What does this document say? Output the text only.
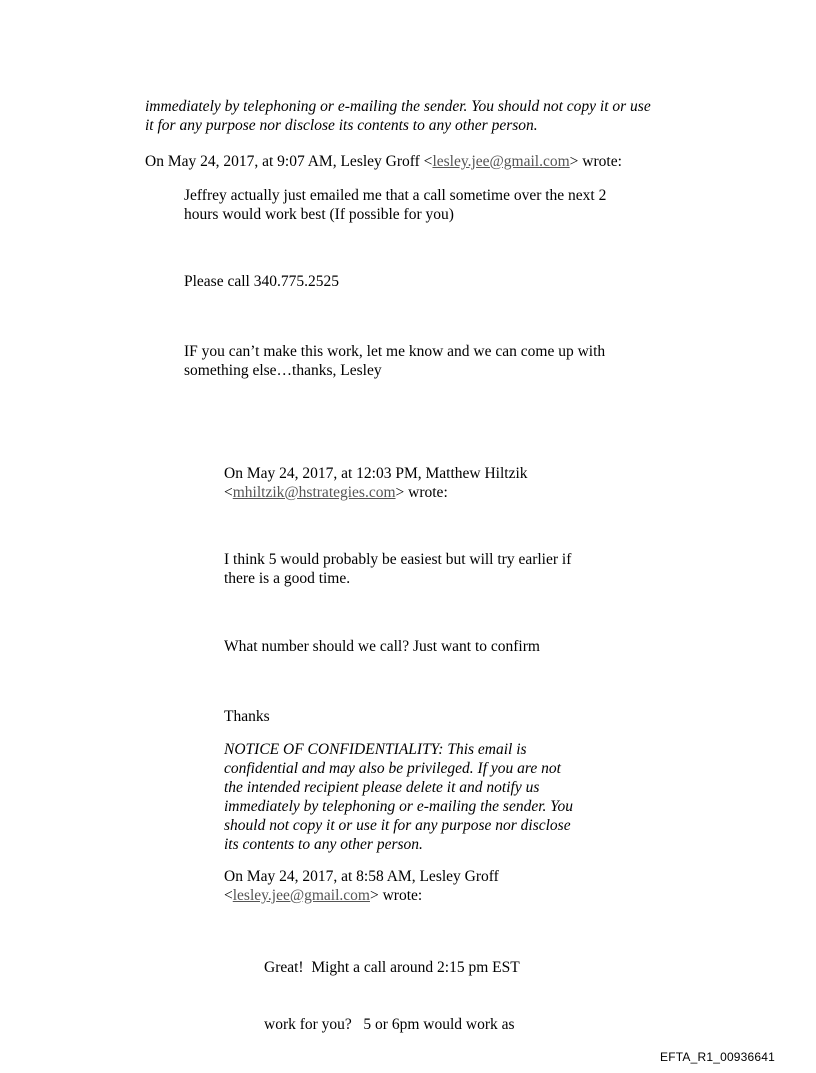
immediately by telephoning or e-mailing the sender. You should not copy it or use
it for any purpose nor disclose its contents to any other person.
On May 24, 2017, at 9:07 AM, Lesley Groff <lesley.jee@gmail.com> wrote:
Jeffrey actually just emailed me that a call sometime over the next 2
hours would work best (If possible for you)
Please call 340.775.2525
IF you can’t make this work, let me know and we can come up with
something else…thanks, Lesley
On May 24, 2017, at 12:03 PM, Matthew Hiltzik
<mhiltzik@hstrategies.com> wrote:
I think 5 would probably be easiest but will try earlier if
there is a good time.
What number should we call? Just want to confirm
Thanks
NOTICE OF CONFIDENTIALITY: This email is
confidential and may also be privileged. If you are not
the intended recipient please delete it and notify us
immediately by telephoning or e-mailing the sender. You
should not copy it or use it for any purpose nor disclose
its contents to any other person.
On May 24, 2017, at 8:58 AM, Lesley Groff
<lesley.jee@gmail.com> wrote:

Great!  Might a call around 2:15 pm EST

work for you?   5 or 6pm would work as

EFTA_R1_00936641
